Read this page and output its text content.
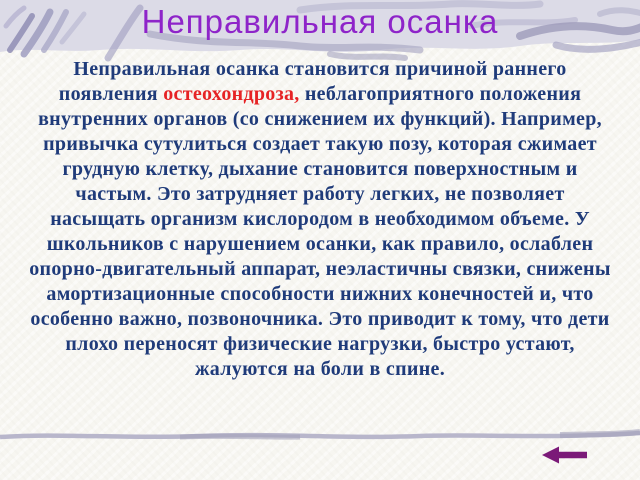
Неправильная осанка
Неправильная осанка становится причиной раннего появления остеохондроза, неблагоприятного положения внутренних органов (со снижением их функций). Например, привычка сутулиться создает такую позу, которая сжимает грудную клетку, дыхание становится поверхностным и частым. Это затрудняет работу легких, не позволяет насыщать организм кислородом в необходимом объеме. У школьников с нарушением осанки, как правило, ослаблен опорно-двигательный аппарат, неэластичны связки, снижены амортизационные способности нижних конечностей и, что особенно важно, позвоночника. Это приводит к тому, что дети плохо переносят физические нагрузки, быстро устают, жалуются на боли в спине.
